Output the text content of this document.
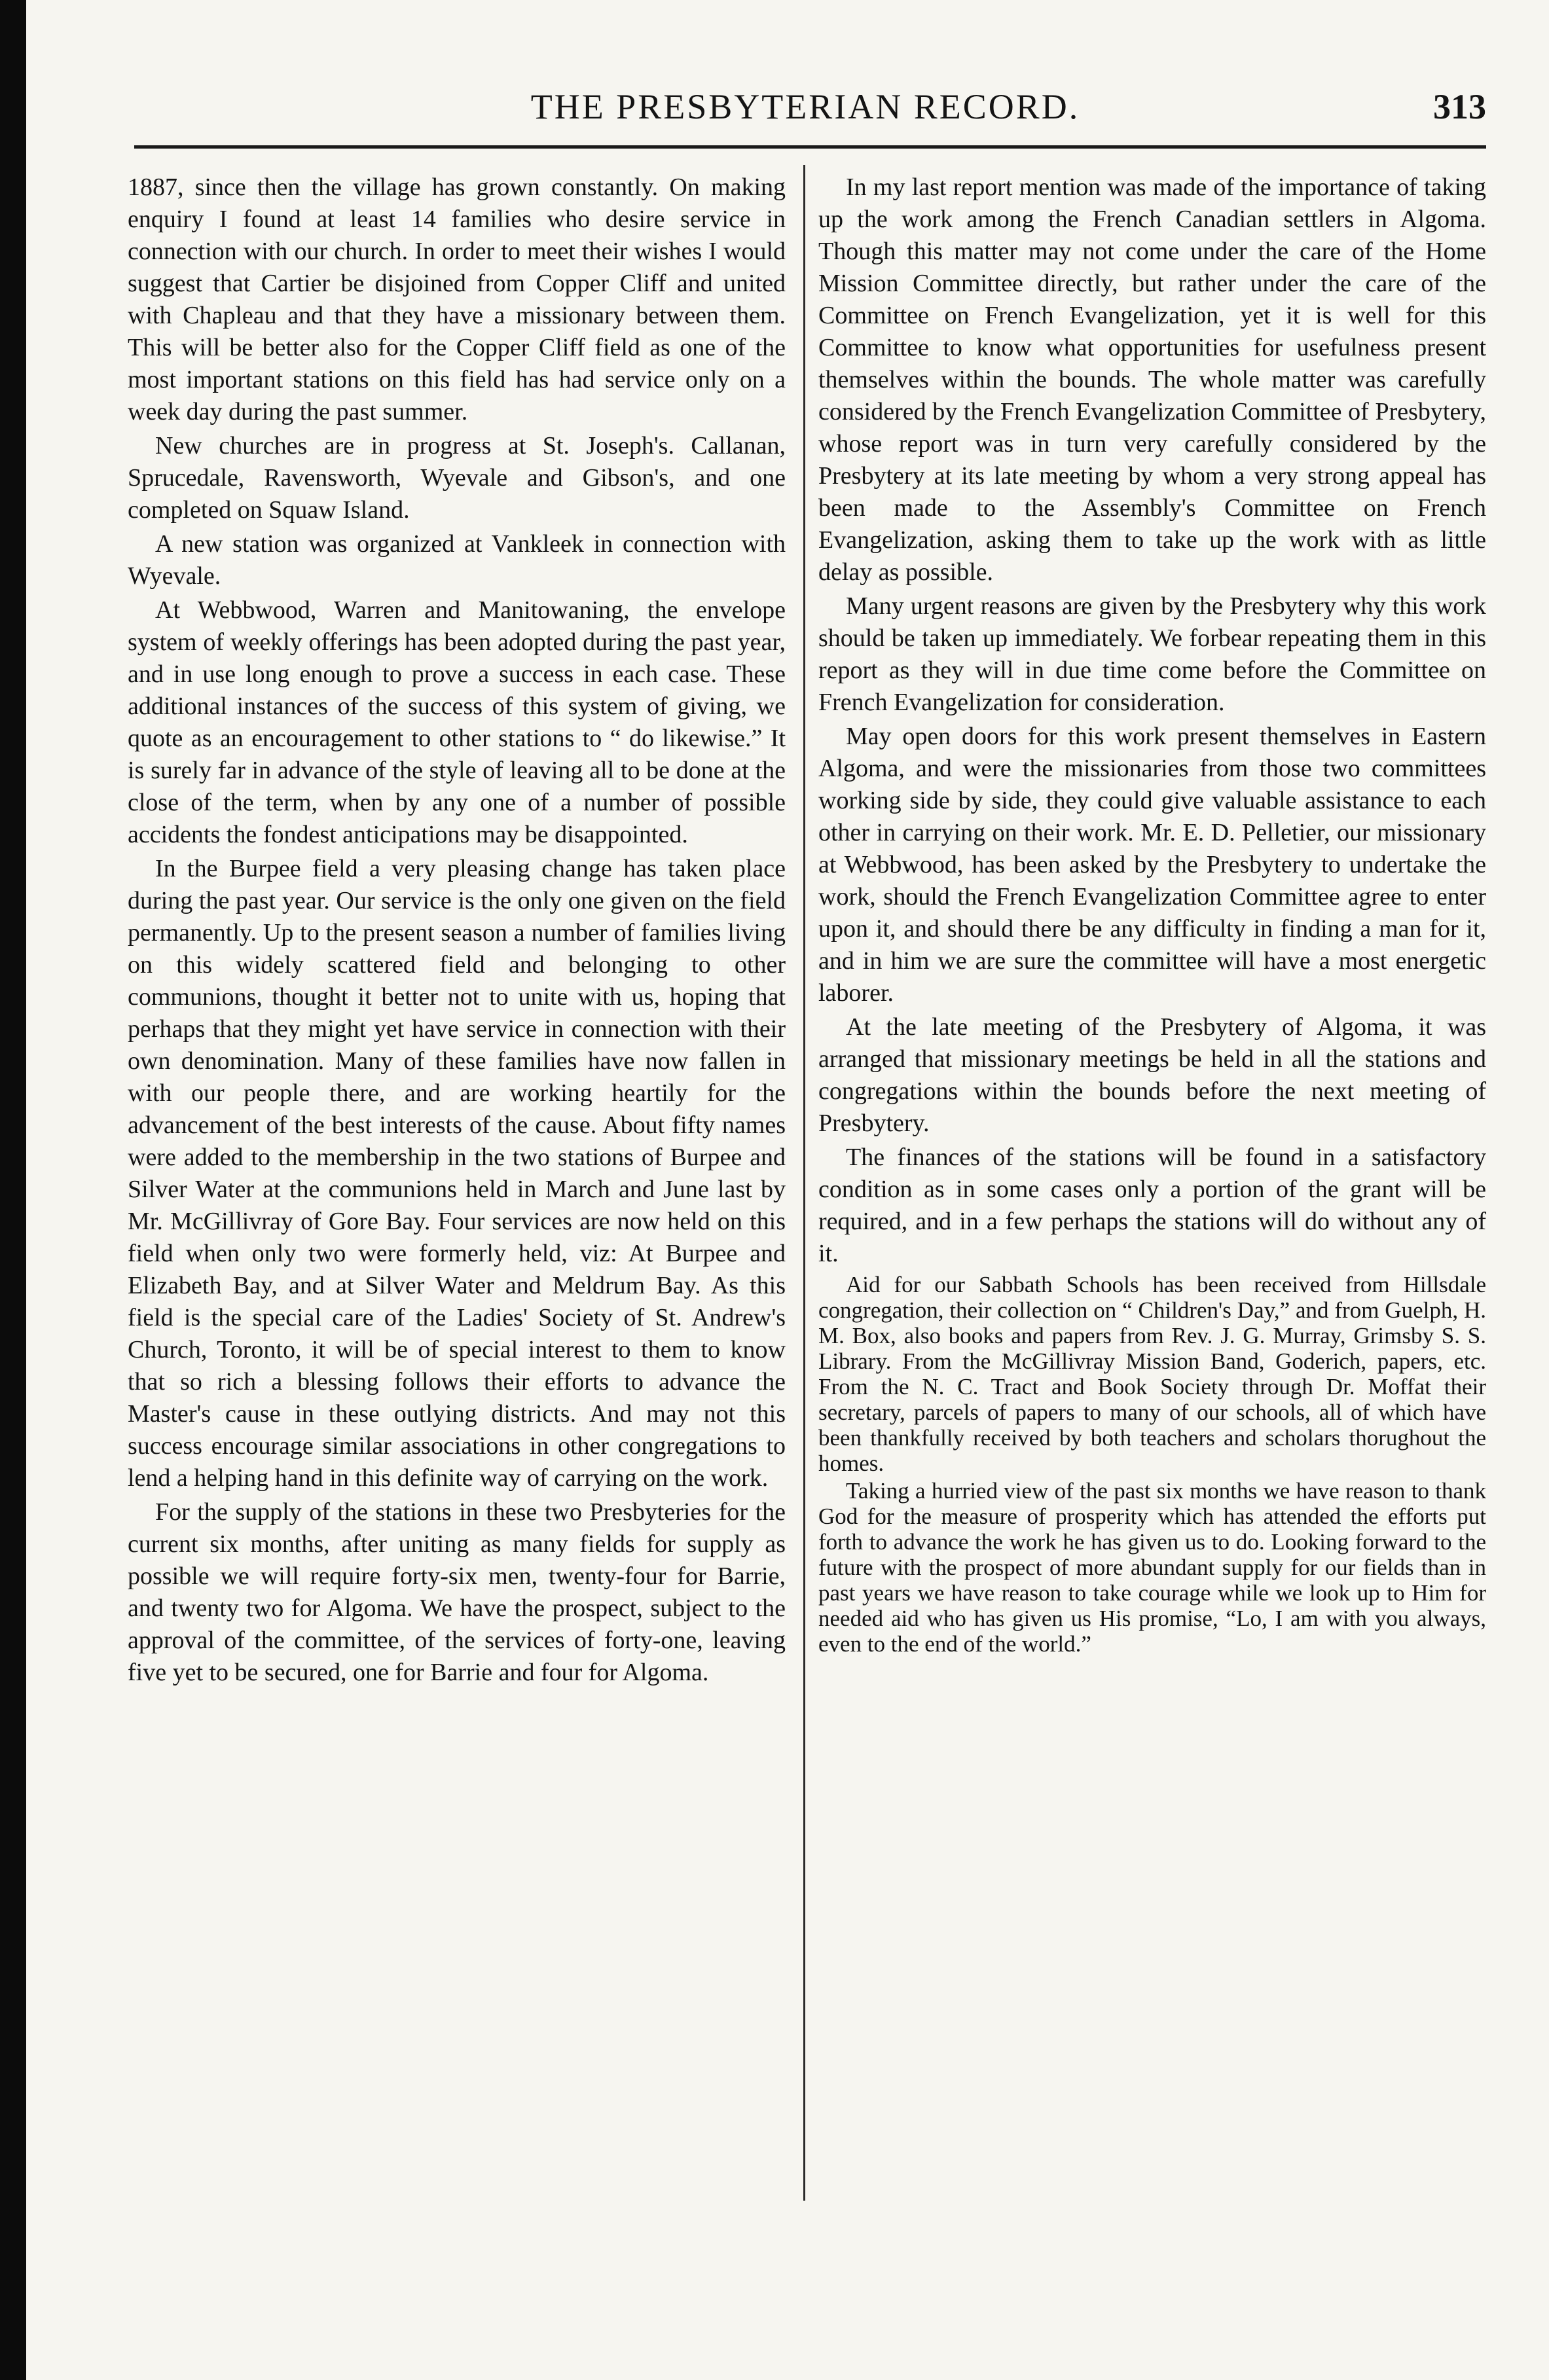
THE PRESBYTERIAN RECORD.	313

1887, since then the village has grown constantly. On making enquiry I found at least 14 families who desire service in connection with our church. In order to meet their wishes I would suggest that Cartier be disjoined from Copper Cliff and united with Chapleau and that they have a missionary between them. This will be better also for the Copper Cliff field as one of the most important stations on this field has had service only on a week day during the past summer.

New churches are in progress at St. Joseph's. Callanan, Sprucedale, Ravensworth, Wyevale and Gibson's, and one completed on Squaw Island.

A new station was organized at Vankleek in connection with Wyevale.

At Webbwood, Warren and Manitowaning, the envelope system of weekly offerings has been adopted during the past year, and in use long enough to prove a success in each case. These additional instances of the success of this system of giving, we quote as an encouragement to other stations to “ do likewise.” It is surely far in advance of the style of leaving all to be done at the close of the term, when by any one of a number of possible accidents the fondest anticipations may be disappointed.

In the Burpee field a very pleasing change has taken place during the past year. Our service is the only one given on the field permanently. Up to the present season a number of families living on this widely scattered field and belonging to other communions, thought it better not to unite with us, hoping that perhaps that they might yet have service in connection with their own denomination. Many of these families have now fallen in with our people there, and are working heartily for the advancement of the best interests of the cause. About fifty names were added to the membership in the two stations of Burpee and Silver Water at the communions held in March and June last by Mr. McGillivray of Gore Bay. Four services are now held on this field when only two were formerly held, viz: At Burpee and Elizabeth Bay, and at Silver Water and Meldrum Bay. As this field is the special care of the Ladies' Society of St. Andrew's Church, Toronto, it will be of special interest to them to know that so rich a blessing follows their efforts to advance the Master's cause in these outlying districts. And may not this success encourage similar associations in other congregations to lend a helping hand in this definite way of carrying on the work.

For the supply of the stations in these two Presbyteries for the current six months, after uniting as many fields for supply as possible we will require forty-six men, twenty-four for Barrie, and twenty two for Algoma. We have the prospect, subject to the approval of the committee, of the services of forty-one, leaving five yet to be secured, one for Barrie and four for Algoma.

In my last report mention was made of the importance of taking up the work among the French Canadian settlers in Algoma. Though this matter may not come under the care of the Home Mission Committee directly, but rather under the care of the Committee on French Evangelization, yet it is well for this Committee to know what opportunities for usefulness present themselves within the bounds. The whole matter was carefully considered by the French Evangelization Committee of Presbytery, whose report was in turn very carefully considered by the Presbytery at its late meeting by whom a very strong appeal has been made to the Assembly's Committee on French Evangelization, asking them to take up the work with as little delay as possible.

Many urgent reasons are given by the Presbytery why this work should be taken up immediately. We forbear repeating them in this report as they will in due time come before the Committee on French Evangelization for consideration.

May open doors for this work present themselves in Eastern Algoma, and were the missionaries from those two committees working side by side, they could give valuable assistance to each other in carrying on their work. Mr. E. D. Pelletier, our missionary at Webbwood, has been asked by the Presbytery to undertake the work, should the French Evangelization Committee agree to enter upon it, and should there be any difficulty in finding a man for it, and in him we are sure the committee will have a most energetic laborer.

At the late meeting of the Presbytery of Algoma, it was arranged that missionary meetings be held in all the stations and congregations within the bounds before the next meeting of Presbytery.

The finances of the stations will be found in a satisfactory condition as in some cases only a portion of the grant will be required, and in a few perhaps the stations will do without any of it.

Aid for our Sabbath Schools has been received from Hillsdale congregation, their collection on “ Children's Day,” and from Guelph, H. M. Box, also books and papers from Rev. J. G. Murray, Grimsby S. S. Library. From the McGillivray Mission Band, Goderich, papers, etc. From the N. C. Tract and Book Society through Dr. Moffat their secretary, parcels of papers to many of our schools, all of which have been thankfully received by both teachers and scholars thorughout the homes.

Taking a hurried view of the past six months we have reason to thank God for the measure of prosperity which has attended the efforts put forth to advance the work he has given us to do. Looking forward to the future with the prospect of more abundant supply for our fields than in past years we have reason to take courage while we look up to Him for needed aid who has given us His promise, “Lo, I am with you always, even to the end of the world.”
